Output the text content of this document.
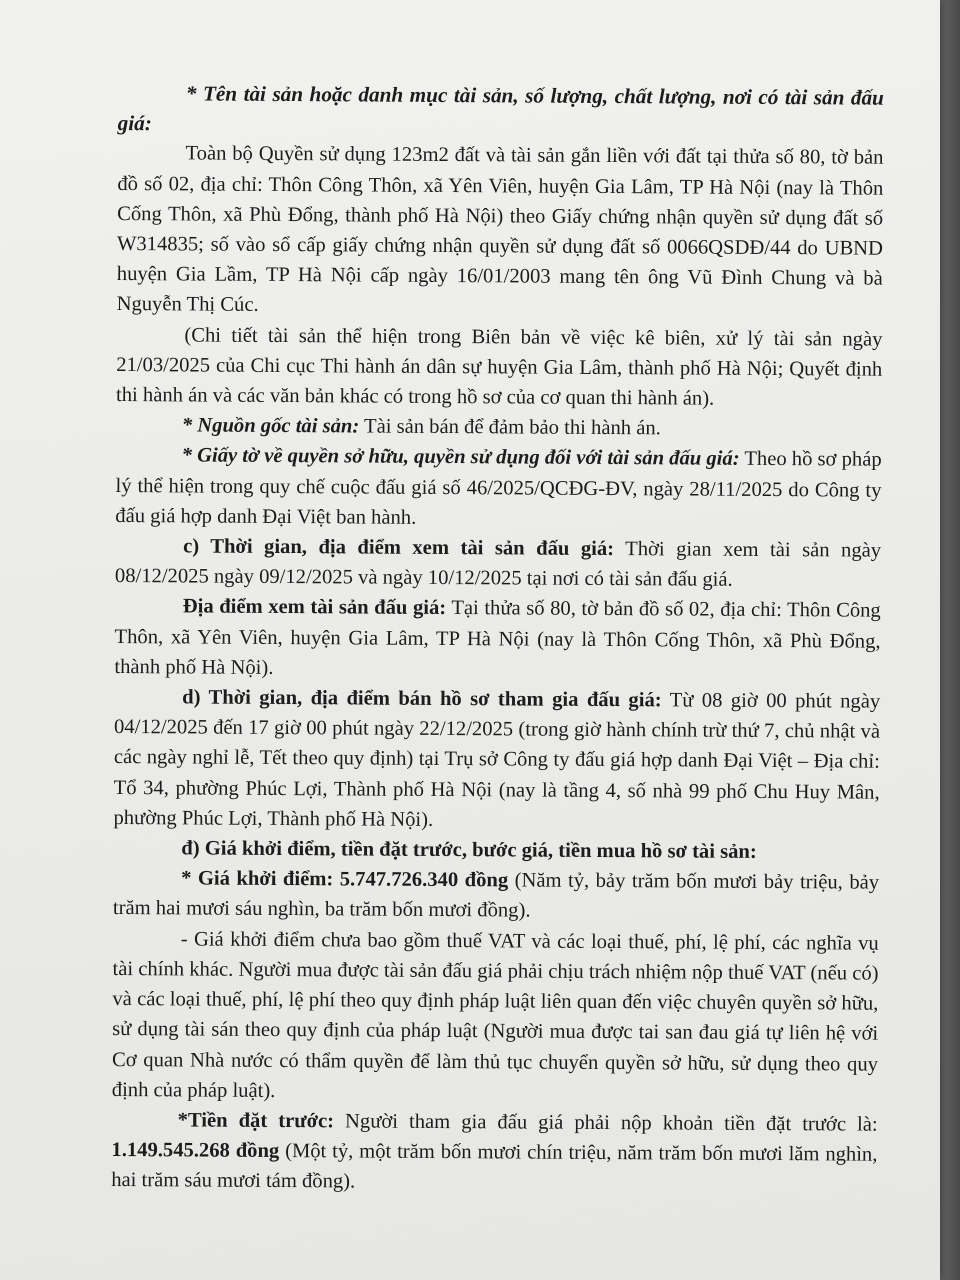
* Tên tài sản hoặc danh mục tài sản, số lượng, chất lượng, nơi có tài sản đấu giá:

Toàn bộ Quyền sử dụng 123m2 đất và tài sản gắn liền với đất tại thửa số 80, tờ bản đồ số 02, địa chỉ: Thôn Công Thôn, xã Yên Viên, huyện Gia Lâm, TP Hà Nội (nay là Thôn Cống Thôn, xã Phù Đổng, thành phố Hà Nội) theo Giấy chứng nhận quyền sử dụng đất số W314835; số vào sổ cấp giấy chứng nhận quyền sử dụng đất số 0066QSDĐ/44 do UBND huyện Gia Lầm, TP Hà Nội cấp ngày 16/01/2003 mang tên ông Vũ Đình Chung và bà Nguyễn Thị Cúc.

(Chi tiết tài sản thể hiện trong Biên bản về việc kê biên, xử lý tài sản ngày 21/03/2025 của Chi cục Thi hành án dân sự huyện Gia Lâm, thành phố Hà Nội; Quyết định thi hành án và các văn bản khác có trong hồ sơ của cơ quan thi hành án).

* Nguồn gốc tài sản: Tài sản bán để đảm bảo thi hành án.

* Giấy tờ về quyền sở hữu, quyền sử dụng đối với tài sản đấu giá: Theo hồ sơ pháp lý thể hiện trong quy chế cuộc đấu giá số 46/2025/QCĐG-ĐV, ngày 28/11/2025 do Công ty đấu giá hợp danh Đại Việt ban hành.

c) Thời gian, địa điểm xem tài sản đấu giá: Thời gian xem tài sản ngày 08/12/2025 ngày 09/12/2025 và ngày 10/12/2025 tại nơi có tài sản đấu giá.

Địa điểm xem tài sản đấu giá: Tại thửa số 80, tờ bản đồ số 02, địa chỉ: Thôn Công Thôn, xã Yên Viên, huyện Gia Lâm, TP Hà Nội (nay là Thôn Cống Thôn, xã Phù Đổng, thành phố Hà Nội).

d) Thời gian, địa điểm bán hồ sơ tham gia đấu giá: Từ 08 giờ 00 phút ngày 04/12/2025 đến 17 giờ 00 phút ngày 22/12/2025 (trong giờ hành chính trừ thứ 7, chủ nhật và các ngày nghỉ lễ, Tết theo quy định) tại Trụ sở Công ty đấu giá hợp danh Đại Việt – Địa chỉ: Tổ 34, phường Phúc Lợi, Thành phố Hà Nội (nay là tầng 4, số nhà 99 phố Chu Huy Mân, phường Phúc Lợi, Thành phố Hà Nội).

đ) Giá khởi điểm, tiền đặt trước, bước giá, tiền mua hồ sơ tài sản:

* Giá khởi điểm: 5.747.726.340 đồng (Năm tỷ, bảy trăm bốn mươi bảy triệu, bảy trăm hai mươi sáu nghìn, ba trăm bốn mươi đồng).

- Giá khởi điểm chưa bao gồm thuế VAT và các loại thuế, phí, lệ phí, các nghĩa vụ tài chính khác. Người mua được tài sản đấu giá phải chịu trách nhiệm nộp thuế VAT (nếu có) và các loại thuế, phí, lệ phí theo quy định pháp luật liên quan đến việc chuyên quyền sở hữu, sử dụng tài sán theo quy định của pháp luật (Người mua được tai san đau giá tự liên hệ với Cơ quan Nhà nước có thẩm quyền để làm thủ tục chuyển quyền sở hữu, sử dụng theo quy định của pháp luật).

*Tiền đặt trước: Người tham gia đấu giá phải nộp khoản tiền đặt trước là: 1.149.545.268 đồng (Một tỷ, một trăm bốn mươi chín triệu, năm trăm bốn mươi lăm nghìn, hai trăm sáu mươi tám đồng).
